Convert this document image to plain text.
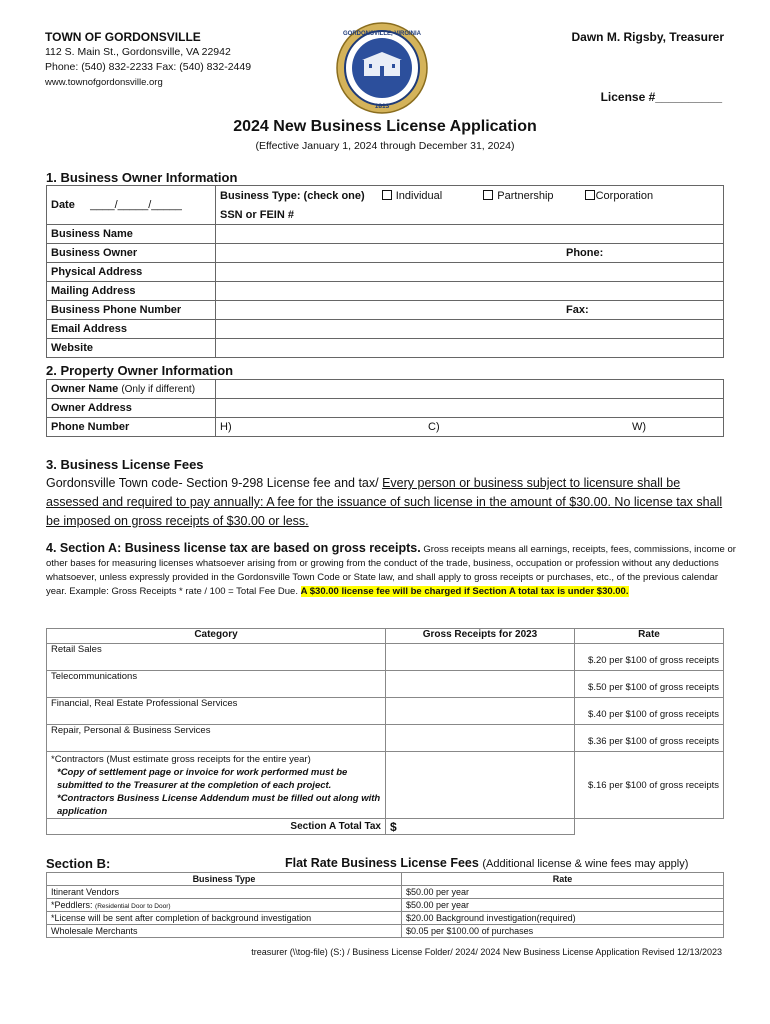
TOWN OF GORDONSVILLE
112 S. Main St., Gordonsville, VA 22942
Phone: (540) 832-2233 Fax: (540) 832-2449
www.townofgordonsville.org
Dawn M. Rigsby, Treasurer
License #__________
GORDONSVILLE, VIRGINIA
1813
2024 New Business License Application
(Effective January 1, 2024 through December 31, 2024)
1. Business Owner Information
Date ____/_____/_____	Business Type: (check one) Individual Partnership Corporation	
	SSN or FEIN #	
Business Name		
Business Owner		Phone:
Physical Address		
Mailing Address		
Business Phone Number		Fax:
Email Address		
Website		
2. Property Owner Information
Owner Name (Only if different)			
Owner Address			
Phone Number	H)	C)	W)
3. Business License Fees
Gordonsville Town code- Section 9-298 License fee and tax/ Every person or business subject to licensure shall be assessed and required to pay annually: A fee for the issuance of such license in the amount of $30.00. No license tax shall be imposed on gross receipts of $30.00 or less.
4. Section A: Business license tax are based on gross receipts. Gross receipts means all earnings, receipts, fees, commissions, income or other bases for measuring licenses whatsoever arising from or growing from the conduct of the trade, business, occupation or profession without any deductions whatsoever, unless expressly provided in the Gordonsville Town Code or State law, and shall apply to gross receipts or purchases, etc., of the previous calendar year. Example: Gross Receipts * rate / 100 = Total Fee Due. A $30.00 license fee will be charged if Section A total tax is under $30.00.
Category	Gross Receipts for 2023	Rate
Retail Sales		$.20 per $100 of gross receipts
Telecommunications		$.50 per $100 of gross receipts
Financial, Real Estate Professional Services		$.40 per $100 of gross receipts
Repair, Personal & Business Services		$.36 per $100 of gross receipts

*Contractors (Must estimate gross receipts for the entire year)
*Copy of settlement page or invoice for work performed must be submitted to the Treasurer at the completion of each project.
*Contractors Business License Addendum must be filled out along with application		$.16 per $100 of gross receipts
Section A Total Tax	$	
Section B:	Flat Rate Business License Fees (Additional license & wine fees may apply)
Business Type	Rate
Itinerant Vendors	$50.00 per year
*Peddlers: (Residential Door to Door)	$50.00 per year
*License will be sent after completion of background investigation	$20.00 Background investigation(required)
Wholesale Merchants	$0.05 per $100.00 of purchases
treasurer (\\tog-file) (S:) / Business License Folder/ 2024/ 2024 New Business License Application Revised 12/13/2023
